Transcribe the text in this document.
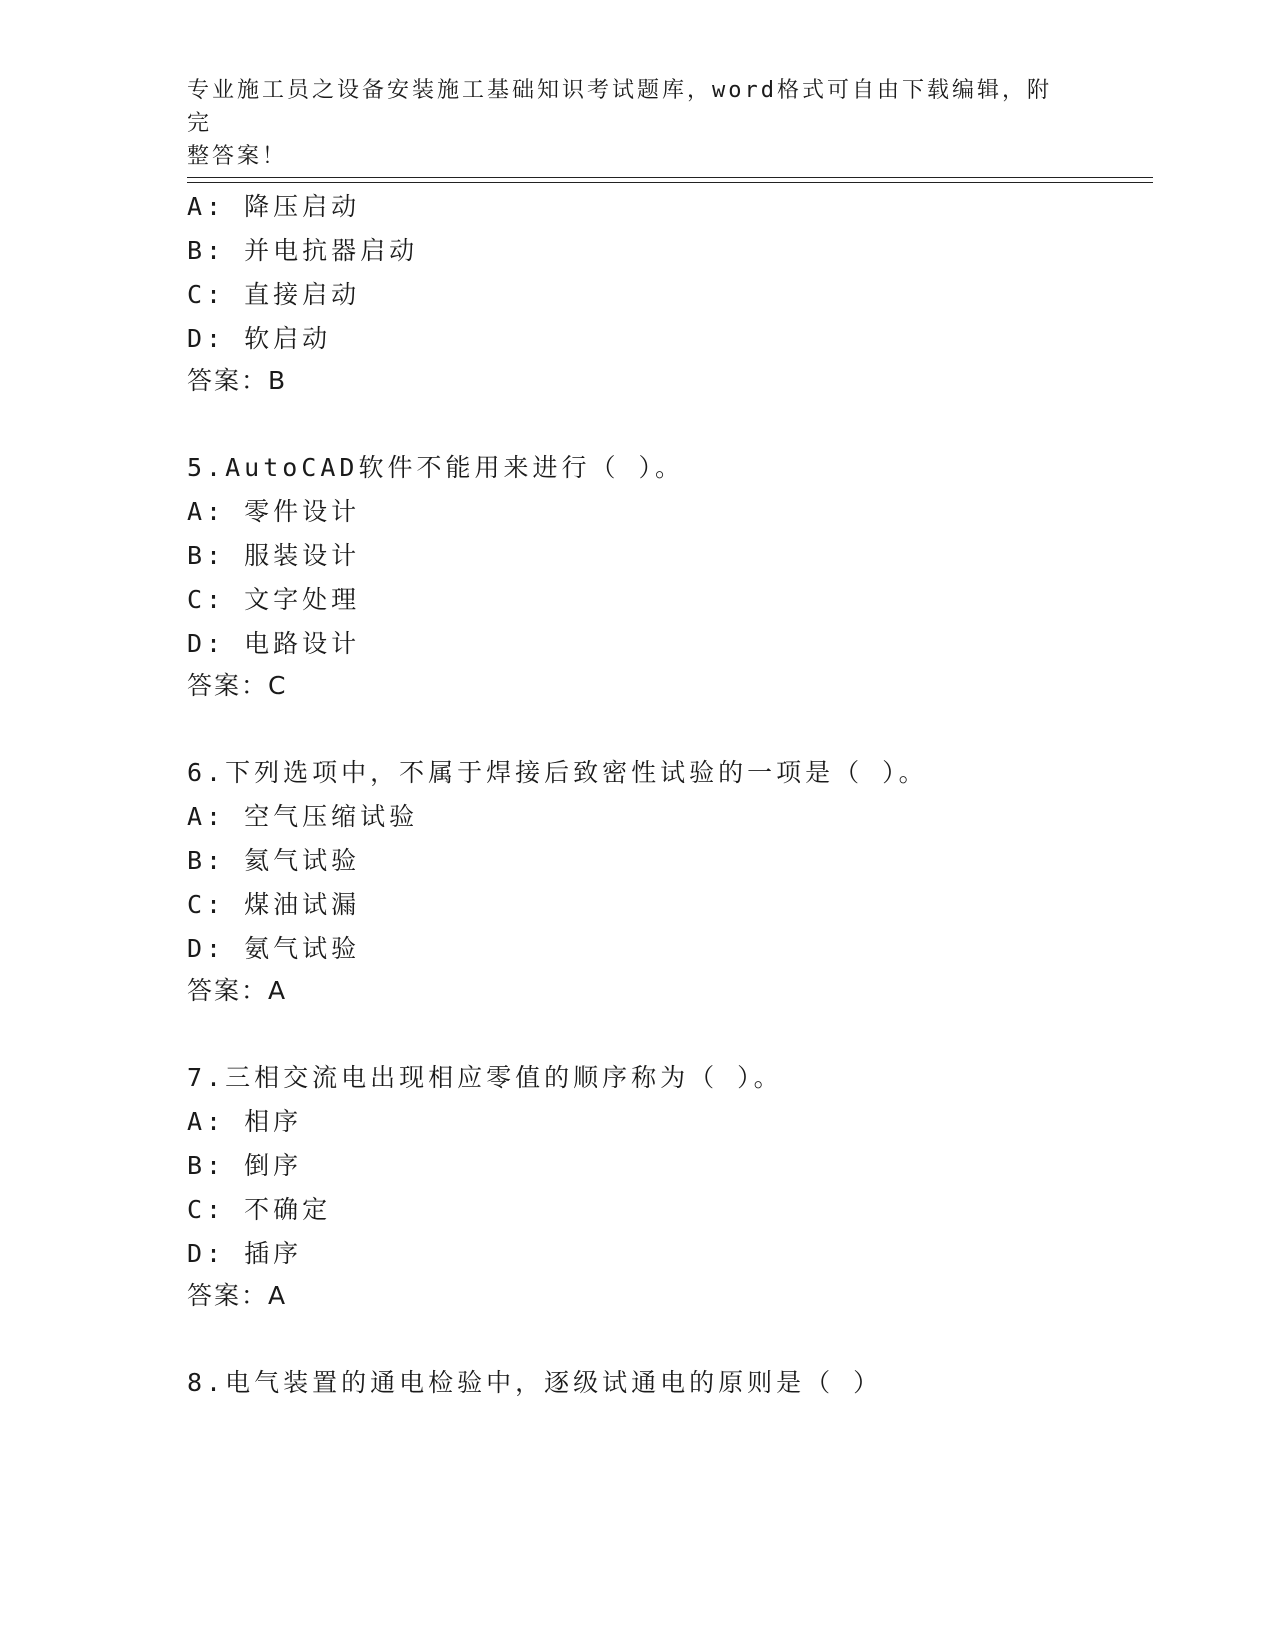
专业施工员之设备安装施工基础知识考试题库，word格式可自由下载编辑，附完
整答案！
A: 降压启动
B: 并电抗器启动
C: 直接启动
D: 软启动
答案：B
5.AutoCAD软件不能用来进行（ ）。
A: 零件设计
B: 服装设计
C: 文字处理
D: 电路设计
答案：C
6.下列选项中，不属于焊接后致密性试验的一项是（ ）。
A: 空气压缩试验
B: 氦气试验
C: 煤油试漏
D: 氨气试验
答案：A
7.三相交流电出现相应零值的顺序称为（ ）。
A: 相序
B: 倒序
C: 不确定
D: 插序
答案：A
8.电气装置的通电检验中，逐级试通电的原则是（ ）
